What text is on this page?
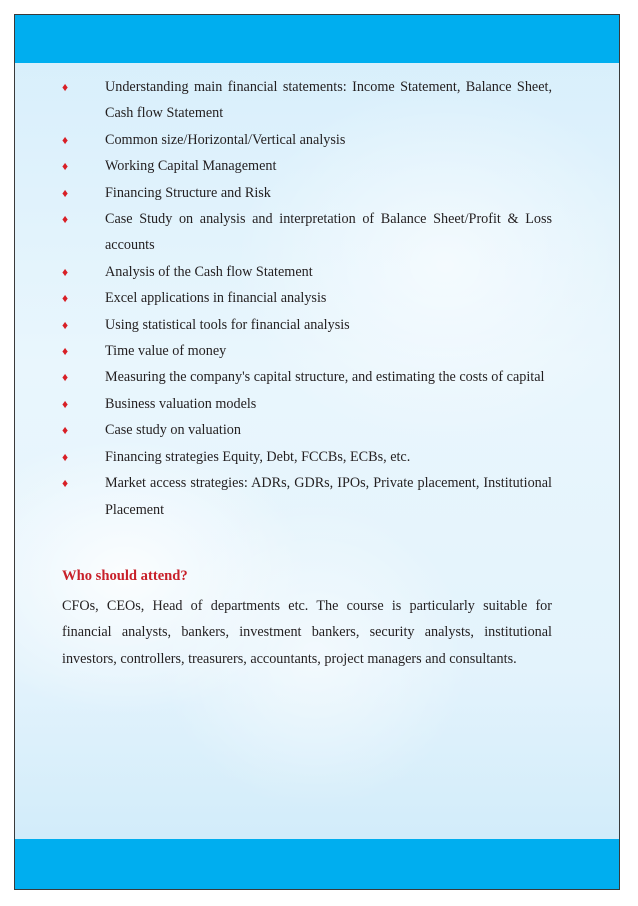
♦	Understanding main financial statements: Income Statement, Balance Sheet, Cash flow Statement
♦	Common size/Horizontal/Vertical analysis
♦	Working Capital Management
♦	Financing Structure and Risk
♦	Case Study on analysis and interpretation of Balance Sheet/Profit & Loss accounts
♦	Analysis of the Cash flow Statement
♦	Excel applications in financial analysis
♦	Using statistical tools for financial analysis
♦	Time value of money
♦	Measuring the company's capital structure, and estimating the costs of capital
♦	Business valuation models
♦	Case study on valuation
♦	Financing strategies Equity, Debt, FCCBs, ECBs, etc.
♦	Market access strategies: ADRs, GDRs, IPOs, Private placement, Institutional Placement
Who should attend?
CFOs, CEOs, Head of departments etc. The course is particularly suitable for financial analysts, bankers, investment bankers, security analysts, institutional investors, controllers, treasurers, accountants, project managers and consultants.
